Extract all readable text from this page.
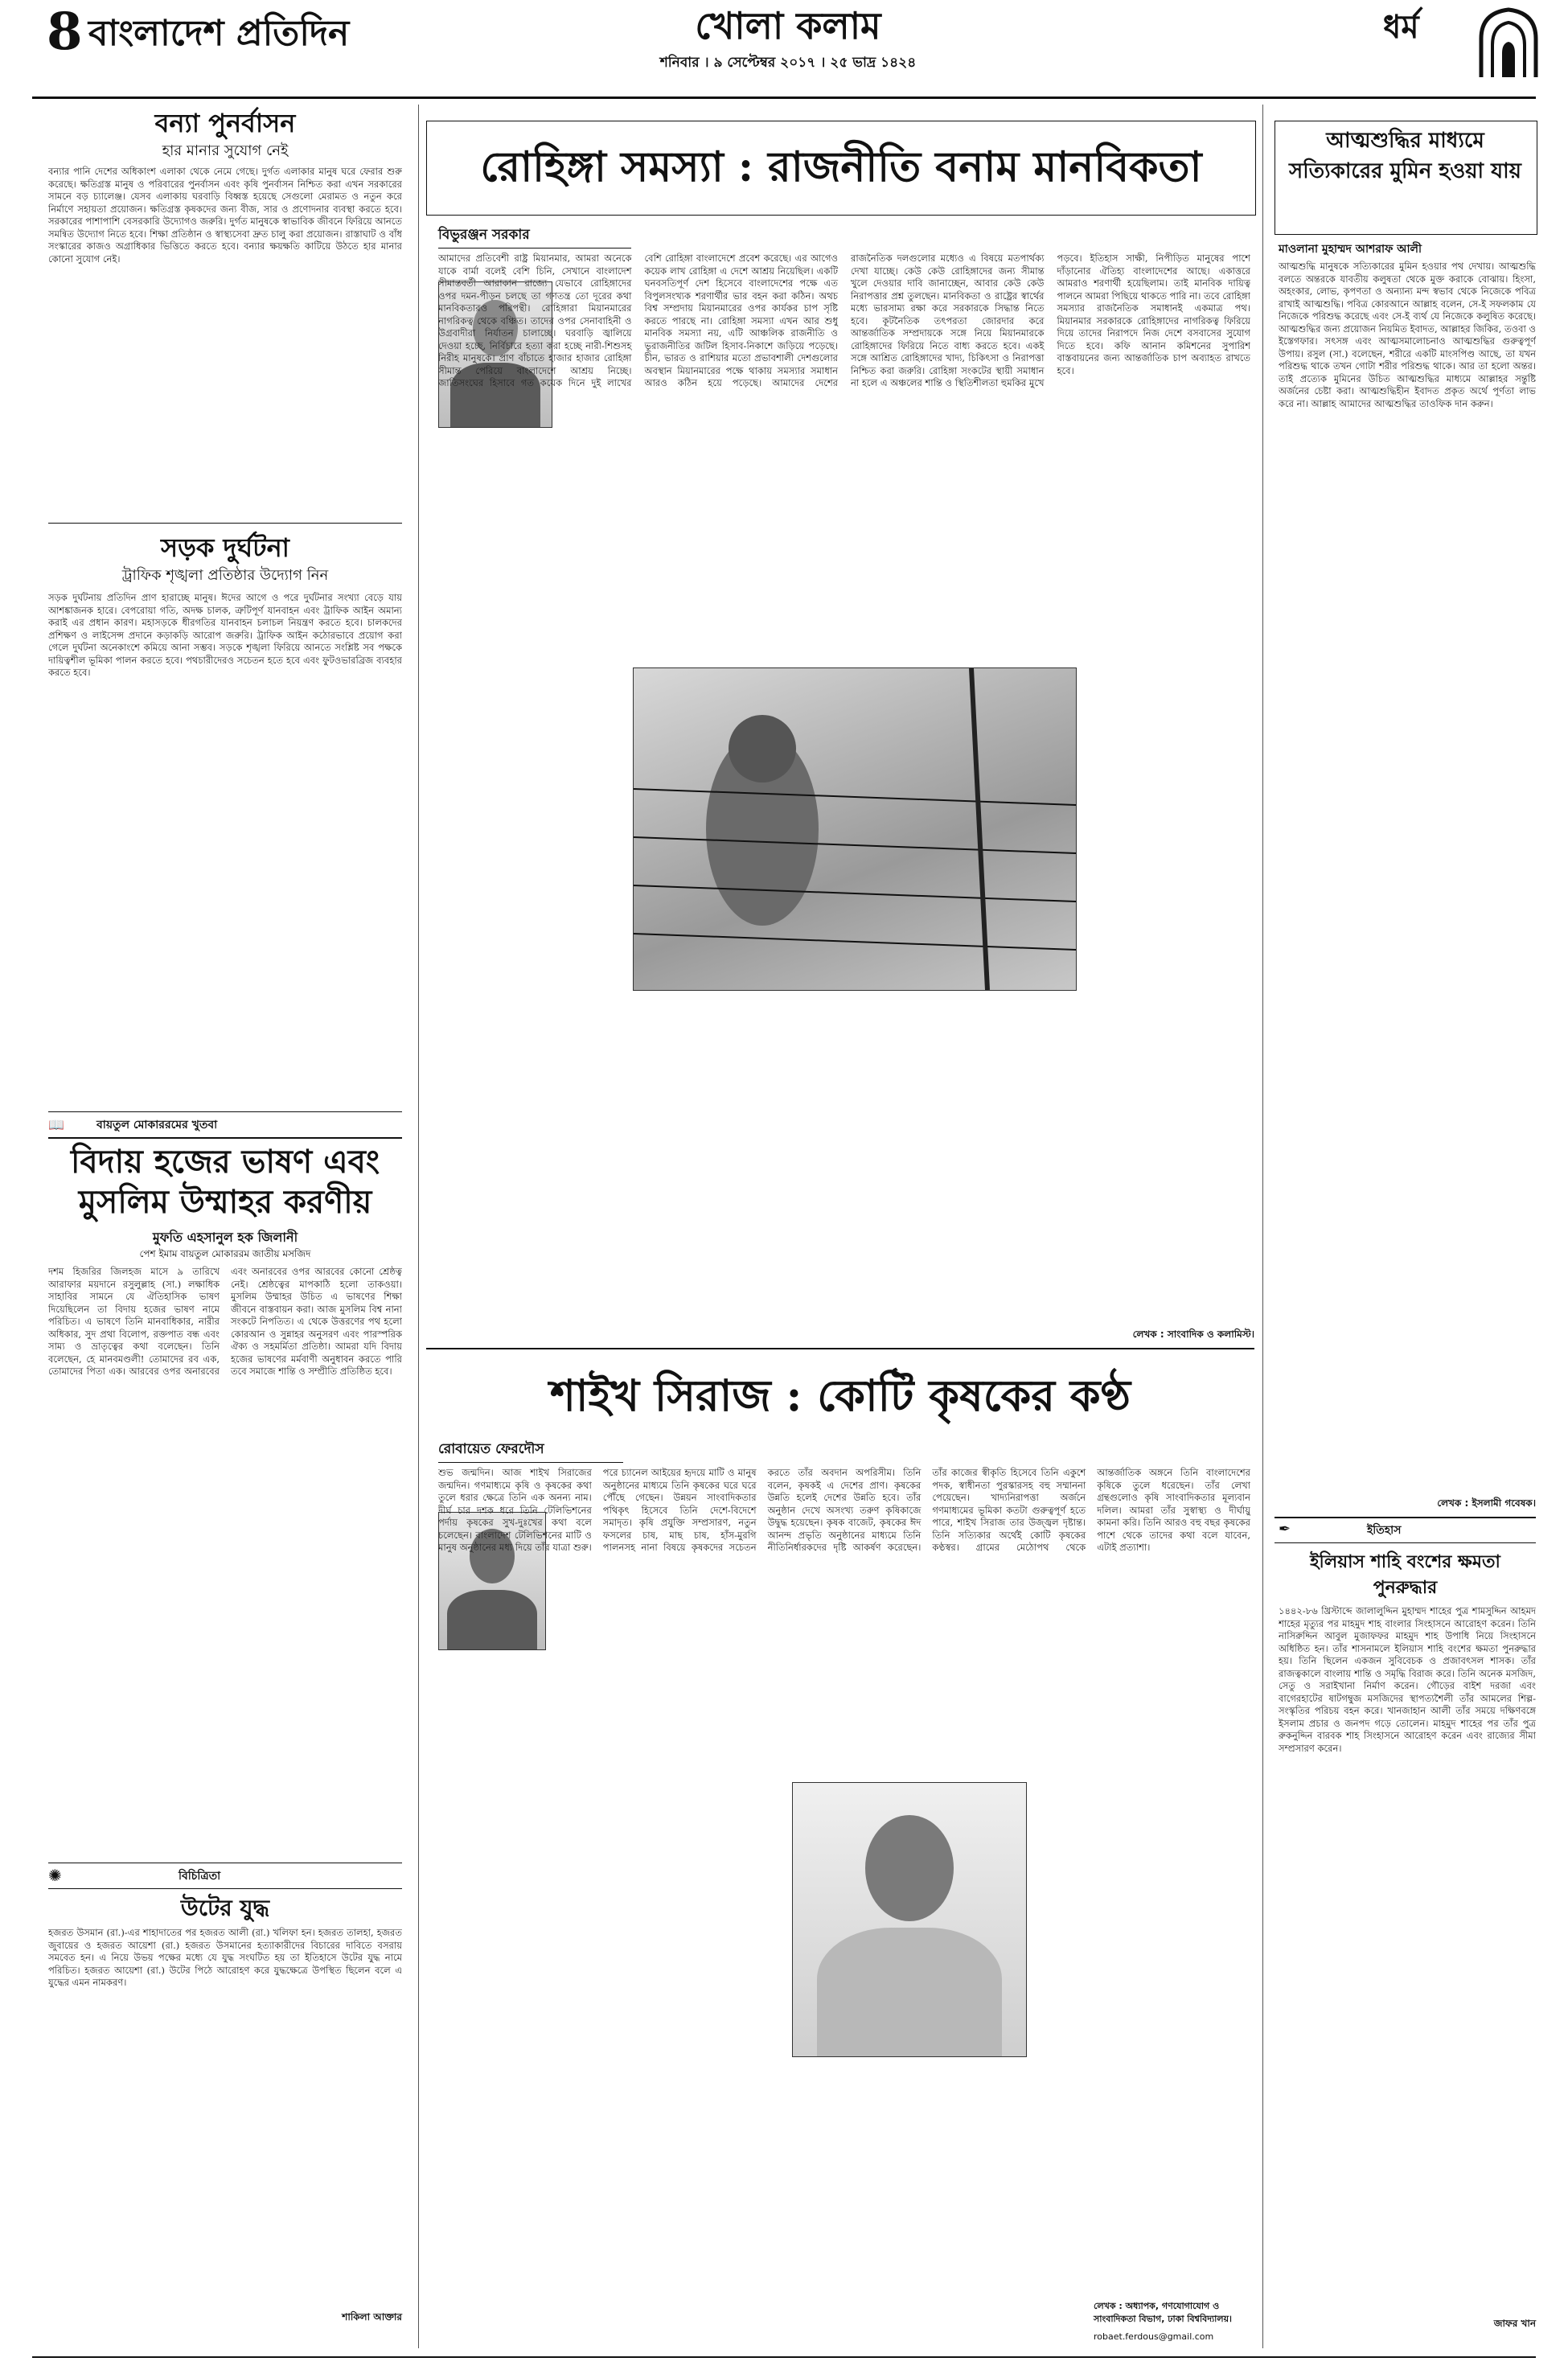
8 বাংলাদেশ প্রতিদিন	খোলা কলাম
শনিবার । ৯ সেপ্টেম্বর ২০১৭ । ২৫ ভাদ্র ১৪২৪
ধর্ম
বন্যা পুনর্বাসন
হার মানার সুযোগ নেই
বন্যার পানি দেশের অধিকাংশ এলাকা থেকে নেমে গেছে। দুর্গত এলাকার মানুষ ঘরে ফেরার শুরু করেছে। ক্ষতিগ্রস্ত মানুষ ও পরিবারের পুনর্বাসন এবং কৃষি পুনর্বাসন নিশ্চিত করা এখন সরকারের সামনে বড় চ্যালেঞ্জ। যেসব এলাকায় ঘরবাড়ি বিধ্বস্ত হয়েছে সেগুলো মেরামত ও নতুন করে নির্মাণে সহায়তা প্রয়োজন। ক্ষতিগ্রস্ত কৃষকদের জন্য বীজ, সার ও প্রণোদনার ব্যবস্থা করতে হবে। সরকারের পাশাপাশি বেসরকারি উদ্যোগও জরুরি। দুর্গত মানুষকে স্বাভাবিক জীবনে ফিরিয়ে আনতে সমন্বিত উদ্যোগ নিতে হবে। শিক্ষা প্রতিষ্ঠান ও স্বাস্থ্যসেবা দ্রুত চালু করা প্রয়োজন। রাস্তাঘাট ও বাঁধ সংস্কারের কাজও অগ্রাধিকার ভিত্তিতে করতে হবে। বন্যার ক্ষয়ক্ষতি কাটিয়ে উঠতে হার মানার কোনো সুযোগ নেই।
সড়ক দুর্ঘটনা
ট্রাফিক শৃঙ্খলা প্রতিষ্ঠার উদ্যোগ নিন
সড়ক দুর্ঘটনায় প্রতিদিন প্রাণ হারাচ্ছে মানুষ। ঈদের আগে ও পরে দুর্ঘটনার সংখ্যা বেড়ে যায় আশঙ্কাজনক হারে। বেপরোয়া গতি, অদক্ষ চালক, ত্রুটিপূর্ণ যানবাহন এবং ট্রাফিক আইন অমান্য করাই এর প্রধান কারণ। মহাসড়কে ধীরগতির যানবাহন চলাচল নিয়ন্ত্রণ করতে হবে। চালকদের প্রশিক্ষণ ও লাইসেন্স প্রদানে কড়াকড়ি আরোপ জরুরি। ট্রাফিক আইন কঠোরভাবে প্রয়োগ করা গেলে দুর্ঘটনা অনেকাংশে কমিয়ে আনা সম্ভব। সড়কে শৃঙ্খলা ফিরিয়ে আনতে সংশ্লিষ্ট সব পক্ষকে দায়িত্বশীল ভূমিকা পালন করতে হবে। পথচারীদেরও সচেতন হতে হবে এবং ফুটওভারব্রিজ ব্যবহার করতে হবে।
📖	বায়তুল মোকাররমের খুতবা
বিদায় হজের ভাষণ এবং মুসলিম উম্মাহর করণীয়
মুফতি এহসানুল হক জিলানী
পেশ ইমাম বায়তুল মোকাররম জাতীয় মসজিদ
দশম হিজরির জিলহজ মাসে ৯ তারিখে আরাফার ময়দানে রসুলুল্লাহ (সা.) লক্ষাধিক সাহাবির সামনে যে ঐতিহাসিক ভাষণ দিয়েছিলেন তা বিদায় হজের ভাষণ নামে পরিচিত। এ ভাষণে তিনি মানবাধিকার, নারীর অধিকার, সুদ প্রথা বিলোপ, রক্তপাত বন্ধ এবং সাম্য ও ভ্রাতৃত্বের কথা বলেছেন। তিনি বলেছেন, হে মানবমণ্ডলী! তোমাদের রব এক, তোমাদের পিতা এক। আরবের ওপর অনারবের এবং অনারবের ওপর আরবের কোনো শ্রেষ্ঠত্ব নেই। শ্রেষ্ঠত্বের মাপকাঠি হলো তাকওয়া। মুসলিম উম্মাহর উচিত এ ভাষণের শিক্ষা জীবনে বাস্তবায়ন করা। আজ মুসলিম বিশ্ব নানা সংকটে নিপতিত। এ থেকে উত্তরণের পথ হলো কোরআন ও সুন্নাহর অনুসরণ এবং পারস্পরিক ঐক্য ও সহমর্মিতা প্রতিষ্ঠা। আমরা যদি বিদায় হজের ভাষণের মর্মবাণী অনুধাবন করতে পারি তবে সমাজে শান্তি ও সম্প্রীতি প্রতিষ্ঠিত হবে।
✺	বিচিত্রিতা
উটের যুদ্ধ
হজরত উসমান (রা.)-এর শাহাদাতের পর হজরত আলী (রা.) খলিফা হন। হজরত তালহা, হজরত জুবায়ের ও হজরত আয়েশা (রা.) হজরত উসমানের হত্যাকারীদের বিচারের দাবিতে বসরায় সমবেত হন। এ নিয়ে উভয় পক্ষের মধ্যে যে যুদ্ধ সংঘটিত হয় তা ইতিহাসে উটের যুদ্ধ নামে পরিচিত। হজরত আয়েশা (রা.) উটের পিঠে আরোহণ করে যুদ্ধক্ষেত্রে উপস্থিত ছিলেন বলে এ যুদ্ধের এমন নামকরণ।
শাকিলা আক্তার
রোহিঙ্গা সমস্যা : রাজনীতি বনাম মানবিকতা
বিভুরঞ্জন সরকার
আমাদের প্রতিবেশী রাষ্ট্র মিয়ানমার, আমরা অনেকে যাকে বার্মা বলেই বেশি চিনি, সেখানে বাংলাদেশ সীমান্তবর্তী আরাকান রাজ্যে যেভাবে রোহিঙ্গাদের ওপর দমন-পীড়ন চলছে তা গণতন্ত্র তো দূরের কথা মানবিকতারও পরিপন্থী। রোহিঙ্গারা মিয়ানমারের নাগরিকত্ব থেকে বঞ্চিত। তাদের ওপর সেনাবাহিনী ও উগ্রবাদীরা নির্যাতন চালাচ্ছে। ঘরবাড়ি জ্বালিয়ে দেওয়া হচ্ছে, নির্বিচারে হত্যা করা হচ্ছে নারী-শিশুসহ নিরীহ মানুষকে। প্রাণ বাঁচাতে হাজার হাজার রোহিঙ্গা সীমান্ত পেরিয়ে বাংলাদেশে আশ্রয় নিচ্ছে। জাতিসংঘের হিসাবে গত কয়েক দিনে দুই লাখের বেশি রোহিঙ্গা বাংলাদেশে প্রবেশ করেছে। এর আগেও কয়েক লাখ রোহিঙ্গা এ দেশে আশ্রয় নিয়েছিল। একটি ঘনবসতিপূর্ণ দেশ হিসেবে বাংলাদেশের পক্ষে এত বিপুলসংখ্যক শরণার্থীর ভার বহন করা কঠিন। অথচ বিশ্ব সম্প্রদায় মিয়ানমারের ওপর কার্যকর চাপ সৃষ্টি করতে পারছে না। রোহিঙ্গা সমস্যা এখন আর শুধু মানবিক সমস্যা নয়, এটি আঞ্চলিক রাজনীতি ও ভূরাজনীতির জটিল হিসাব-নিকাশে জড়িয়ে পড়েছে। চীন, ভারত ও রাশিয়ার মতো প্রভাবশালী দেশগুলোর অবস্থান মিয়ানমারের পক্ষে থাকায় সমস্যার সমাধান আরও কঠিন হয়ে পড়েছে। আমাদের দেশের রাজনৈতিক দলগুলোর মধ্যেও এ বিষয়ে মতপার্থক্য দেখা যাচ্ছে। কেউ কেউ রোহিঙ্গাদের জন্য সীমান্ত খুলে দেওয়ার দাবি জানাচ্ছেন, আবার কেউ কেউ নিরাপত্তার প্রশ্ন তুলছেন। মানবিকতা ও রাষ্ট্রের স্বার্থের মধ্যে ভারসাম্য রক্ষা করে সরকারকে সিদ্ধান্ত নিতে হবে। কূটনৈতিক তৎপরতা জোরদার করে আন্তর্জাতিক সম্প্রদায়কে সঙ্গে নিয়ে মিয়ানমারকে রোহিঙ্গাদের ফিরিয়ে নিতে বাধ্য করতে হবে। একই সঙ্গে আশ্রিত রোহিঙ্গাদের খাদ্য, চিকিৎসা ও নিরাপত্তা নিশ্চিত করা জরুরি। রোহিঙ্গা সংকটের স্থায়ী সমাধান না হলে এ অঞ্চলের শান্তি ও স্থিতিশীলতা হুমকির মুখে পড়বে। ইতিহাস সাক্ষী, নিপীড়িত মানুষের পাশে দাঁড়ানোর ঐতিহ্য বাংলাদেশের আছে। একাত্তরে আমরাও শরণার্থী হয়েছিলাম। তাই মানবিক দায়িত্ব পালনে আমরা পিছিয়ে থাকতে পারি না। তবে রোহিঙ্গা সমস্যার রাজনৈতিক সমাধানই একমাত্র পথ। মিয়ানমার সরকারকে রোহিঙ্গাদের নাগরিকত্ব ফিরিয়ে দিয়ে তাদের নিরাপদে নিজ দেশে বসবাসের সুযোগ দিতে হবে। কফি আনান কমিশনের সুপারিশ বাস্তবায়নের জন্য আন্তর্জাতিক চাপ অব্যাহত রাখতে হবে।
লেখক : সাংবাদিক ও কলামিস্ট।
শাইখ সিরাজ : কোটি কৃষকের কণ্ঠ
রোবায়েত ফেরদৌস
শুভ জন্মদিন। আজ শাইখ সিরাজের জন্মদিন। গণমাধ্যমে কৃষি ও কৃষকের কথা তুলে ধরার ক্ষেত্রে তিনি এক অনন্য নাম। দীর্ঘ চার দশক ধরে তিনি টেলিভিশনের পর্দায় কৃষকের সুখ-দুঃখের কথা বলে চলেছেন। বাংলাদেশ টেলিভিশনের মাটি ও মানুষ অনুষ্ঠানের মধ্য দিয়ে তাঁর যাত্রা শুরু। পরে চ্যানেল আইয়ের হৃদয়ে মাটি ও মানুষ অনুষ্ঠানের মাধ্যমে তিনি কৃষকের ঘরে ঘরে পৌঁছে গেছেন। উন্নয়ন সাংবাদিকতার পথিকৃৎ হিসেবে তিনি দেশে-বিদেশে সমাদৃত। কৃষি প্রযুক্তি সম্প্রসারণ, নতুন ফসলের চাষ, মাছ চাষ, হাঁস-মুরগি পালনসহ নানা বিষয়ে কৃষকদের সচেতন করতে তাঁর অবদান অপরিসীম। তিনি বলেন, কৃষকই এ দেশের প্রাণ। কৃষকের উন্নতি হলেই দেশের উন্নতি হবে। তাঁর অনুষ্ঠান দেখে অসংখ্য তরুণ কৃষিকাজে উদ্বুদ্ধ হয়েছেন। কৃষক বাজেট, কৃষকের ঈদ আনন্দ প্রভৃতি অনুষ্ঠানের মাধ্যমে তিনি নীতিনির্ধারকদের দৃষ্টি আকর্ষণ করেছেন। তাঁর কাজের স্বীকৃতি হিসেবে তিনি একুশে পদক, স্বাধীনতা পুরস্কারসহ বহু সম্মাননা পেয়েছেন। খাদ্যনিরাপত্তা অর্জনে গণমাধ্যমের ভূমিকা কতটা গুরুত্বপূর্ণ হতে পারে, শাইখ সিরাজ তার উজ্জ্বল দৃষ্টান্ত। তিনি সত্যিকার অর্থেই কোটি কৃষকের কণ্ঠস্বর। গ্রামের মেঠোপথ থেকে আন্তর্জাতিক অঙ্গনে তিনি বাংলাদেশের কৃষিকে তুলে ধরেছেন। তাঁর লেখা গ্রন্থগুলোও কৃষি সাংবাদিকতার মূল্যবান দলিল। আমরা তাঁর সুস্বাস্থ্য ও দীর্ঘায়ু কামনা করি। তিনি আরও বহু বছর কৃষকের পাশে থেকে তাদের কথা বলে যাবেন, এটাই প্রত্যাশা।
লেখক : অধ্যাপক, গণযোগাযোগ ও সাংবাদিকতা বিভাগ, ঢাকা বিশ্ববিদ্যালয়।
robaet.ferdous@gmail.com
আত্মশুদ্ধির মাধ্যমে সত্যিকারের মুমিন হওয়া যায়
মাওলানা মুহাম্মদ আশরাফ আলী
আত্মশুদ্ধি মানুষকে সত্যিকারের মুমিন হওয়ার পথ দেখায়। আত্মশুদ্ধি বলতে অন্তরকে যাবতীয় কলুষতা থেকে মুক্ত করাকে বোঝায়। হিংসা, অহংকার, লোভ, কৃপণতা ও অন্যান্য মন্দ স্বভাব থেকে নিজেকে পবিত্র রাখাই আত্মশুদ্ধি। পবিত্র কোরআনে আল্লাহ বলেন, সে-ই সফলকাম যে নিজেকে পরিশুদ্ধ করেছে এবং সে-ই ব্যর্থ যে নিজেকে কলুষিত করেছে। আত্মশুদ্ধির জন্য প্রয়োজন নিয়মিত ইবাদত, আল্লাহর জিকির, তওবা ও ইস্তেগফার। সৎসঙ্গ এবং আত্মসমালোচনাও আত্মশুদ্ধির গুরুত্বপূর্ণ উপায়। রসুল (সা.) বলেছেন, শরীরে একটি মাংসপিণ্ড আছে, তা যখন পরিশুদ্ধ থাকে তখন গোটা শরীর পরিশুদ্ধ থাকে। আর তা হলো অন্তর। তাই প্রত্যেক মুমিনের উচিত আত্মশুদ্ধির মাধ্যমে আল্লাহর সন্তুষ্টি অর্জনের চেষ্টা করা। আত্মশুদ্ধিহীন ইবাদত প্রকৃত অর্থে পূর্ণতা লাভ করে না। আল্লাহ আমাদের আত্মশুদ্ধির তাওফিক দান করুন।
লেখক : ইসলামী গবেষক।
✒	ইতিহাস
ইলিয়াস শাহি বংশের ক্ষমতা পুনরুদ্ধার
১৪৪২-৮৬ খ্রিস্টাব্দে জালালুদ্দিন মুহাম্মদ শাহের পুত্র শামসুদ্দিন আহমদ শাহের মৃত্যুর পর মাহমুদ শাহ বাংলার সিংহাসনে আরোহণ করেন। তিনি নাসিরুদ্দিন আবুল মুজাফফর মাহমুদ শাহ উপাধি নিয়ে সিংহাসনে অধিষ্ঠিত হন। তাঁর শাসনামলে ইলিয়াস শাহি বংশের ক্ষমতা পুনরুদ্ধার হয়। তিনি ছিলেন একজন সুবিবেচক ও প্রজাবৎসল শাসক। তাঁর রাজত্বকালে বাংলায় শান্তি ও সমৃদ্ধি বিরাজ করে। তিনি অনেক মসজিদ, সেতু ও সরাইখানা নির্মাণ করেন। গৌড়ের বাইশ দরজা এবং বাগেরহাটের ষাটগম্বুজ মসজিদের স্থাপত্যশৈলী তাঁর আমলের শিল্প-সংস্কৃতির পরিচয় বহন করে। খানজাহান আলী তাঁর সময়ে দক্ষিণবঙ্গে ইসলাম প্রচার ও জনপদ গড়ে তোলেন। মাহমুদ শাহের পর তাঁর পুত্র রুকনুদ্দিন বারবক শাহ সিংহাসনে আরোহণ করেন এবং রাজ্যের সীমা সম্প্রসারণ করেন।
জাফর খান
